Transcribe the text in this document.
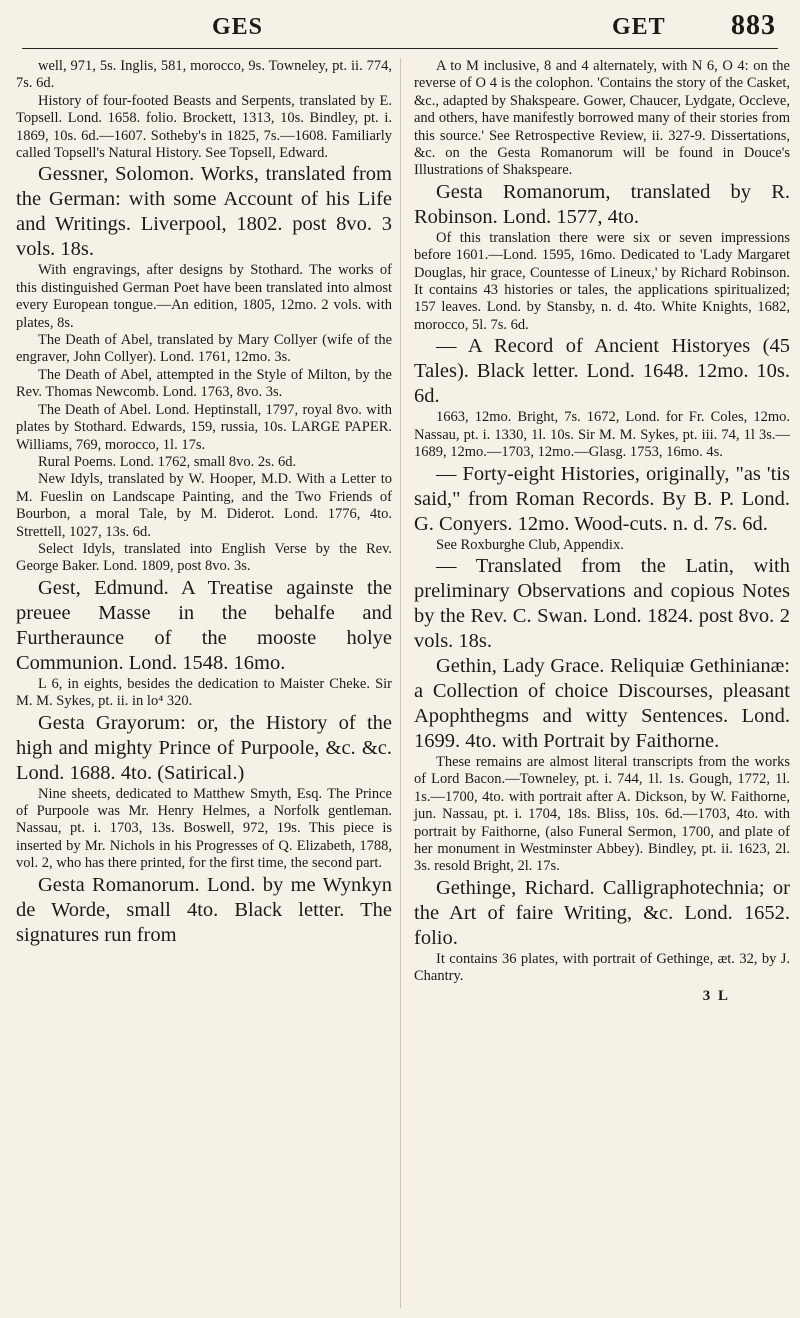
GES	GET 883

well, 971, 5s. Inglis, 581, morocco, 9s. Towneley, pt. ii. 774, 7s. 6d.

History of four-footed Beasts and Serpents, translated by E. Topsell. Lond. 1658. folio. Brockett, 1313, 10s. Bindley, pt. i. 1869, 10s. 6d.—1607. Sotheby's in 1825, 7s.—1608. Familiarly called Topsell's Natural History. See Topsell, Edward.

Gessner, Solomon. Works, translated from the German: with some Account of his Life and Writings. Liverpool, 1802. post 8vo. 3 vols. 18s.

With engravings, after designs by Stothard. The works of this distinguished German Poet have been translated into almost every European tongue.—An edition, 1805, 12mo. 2 vols. with plates, 8s.

The Death of Abel, translated by Mary Collyer (wife of the engraver, John Collyer). Lond. 1761, 12mo. 3s.

The Death of Abel, attempted in the Style of Milton, by the Rev. Thomas Newcomb. Lond. 1763, 8vo. 3s.

The Death of Abel. Lond. Heptinstall, 1797, royal 8vo. with plates by Stothard. Edwards, 159, russia, 10s. LARGE PAPER. Williams, 769, morocco, 1l. 17s.

Rural Poems. Lond. 1762, small 8vo. 2s. 6d.

New Idyls, translated by W. Hooper, M.D. With a Letter to M. Fueslin on Landscape Painting, and the Two Friends of Bourbon, a moral Tale, by M. Diderot. Lond. 1776, 4to. Strettell, 1027, 13s. 6d.

Select Idyls, translated into English Verse by the Rev. George Baker. Lond. 1809, post 8vo. 3s.

Gest, Edmund. A Treatise againste the preuee Masse in the behalfe and Furtheraunce of the mooste holye Communion. Lond. 1548. 16mo.

L 6, in eights, besides the dedication to Maister Cheke. Sir M. M. Sykes, pt. ii. in lo⁴ 320.

Gesta Grayorum: or, the History of the high and mighty Prince of Purpoole, &c. &c. Lond. 1688. 4to. (Satirical.)

Nine sheets, dedicated to Matthew Smyth, Esq. The Prince of Purpoole was Mr. Henry Helmes, a Norfolk gentleman. Nassau, pt. i. 1703, 13s. Boswell, 972, 19s. This piece is inserted by Mr. Nichols in his Progresses of Q. Elizabeth, 1788, vol. 2, who has there printed, for the first time, the second part.

Gesta Romanorum. Lond. by me Wynkyn de Worde, small 4to. Black letter. The signatures run from

A to M inclusive, 8 and 4 alternately, with N 6, O 4: on the reverse of O 4 is the colophon. 'Contains the story of the Casket, &c., adapted by Shakspeare. Gower, Chaucer, Lydgate, Occleve, and others, have manifestly borrowed many of their stories from this source.' See Retrospective Review, ii. 327-9. Dissertations, &c. on the Gesta Romanorum will be found in Douce's Illustrations of Shakspeare.

Gesta Romanorum, translated by R. Robinson. Lond. 1577, 4to.

Of this translation there were six or seven impressions before 1601.—Lond. 1595, 16mo. Dedicated to 'Lady Margaret Douglas, hir grace, Countesse of Lineux,' by Richard Robinson. It contains 43 histories or tales, the applications spiritualized; 157 leaves. Lond. by Stansby, n. d. 4to. White Knights, 1682, morocco, 5l. 7s. 6d.

— A Record of Ancient Historyes (45 Tales). Black letter. Lond. 1648. 12mo. 10s. 6d.

1663, 12mo. Bright, 7s. 1672, Lond. for Fr. Coles, 12mo. Nassau, pt. i. 1330, 1l. 10s. Sir M. M. Sykes, pt. iii. 74, 1l 3s.—1689, 12mo.—1703, 12mo.—Glasg. 1753, 16mo. 4s.

— Forty-eight Histories, originally, "as 'tis said," from Roman Records. By B. P. Lond. G. Conyers. 12mo. Wood-cuts. n. d. 7s. 6d.

See Roxburghe Club, Appendix.

— Translated from the Latin, with preliminary Observations and copious Notes by the Rev. C. Swan. Lond. 1824. post 8vo. 2 vols. 18s.

Gethin, Lady Grace. Reliquiæ Gethinianæ: a Collection of choice Discourses, pleasant Apophthegms and witty Sentences. Lond. 1699. 4to. with Portrait by Faithorne.

These remains are almost literal transcripts from the works of Lord Bacon.—Towneley, pt. i. 744, 1l. 1s. Gough, 1772, 1l. 1s.—1700, 4to. with portrait after A. Dickson, by W. Faithorne, jun. Nassau, pt. i. 1704, 18s. Bliss, 10s. 6d.—1703, 4to. with portrait by Faithorne, (also Funeral Sermon, 1700, and plate of her monument in Westminster Abbey). Bindley, pt. ii. 1623, 2l. 3s. resold Bright, 2l. 17s.

Gethinge, Richard. Calligraphotechnia; or the Art of faire Writing, &c. Lond. 1652. folio.

It contains 36 plates, with portrait of Gethinge, æt. 32, by J. Chantry.

3 L
